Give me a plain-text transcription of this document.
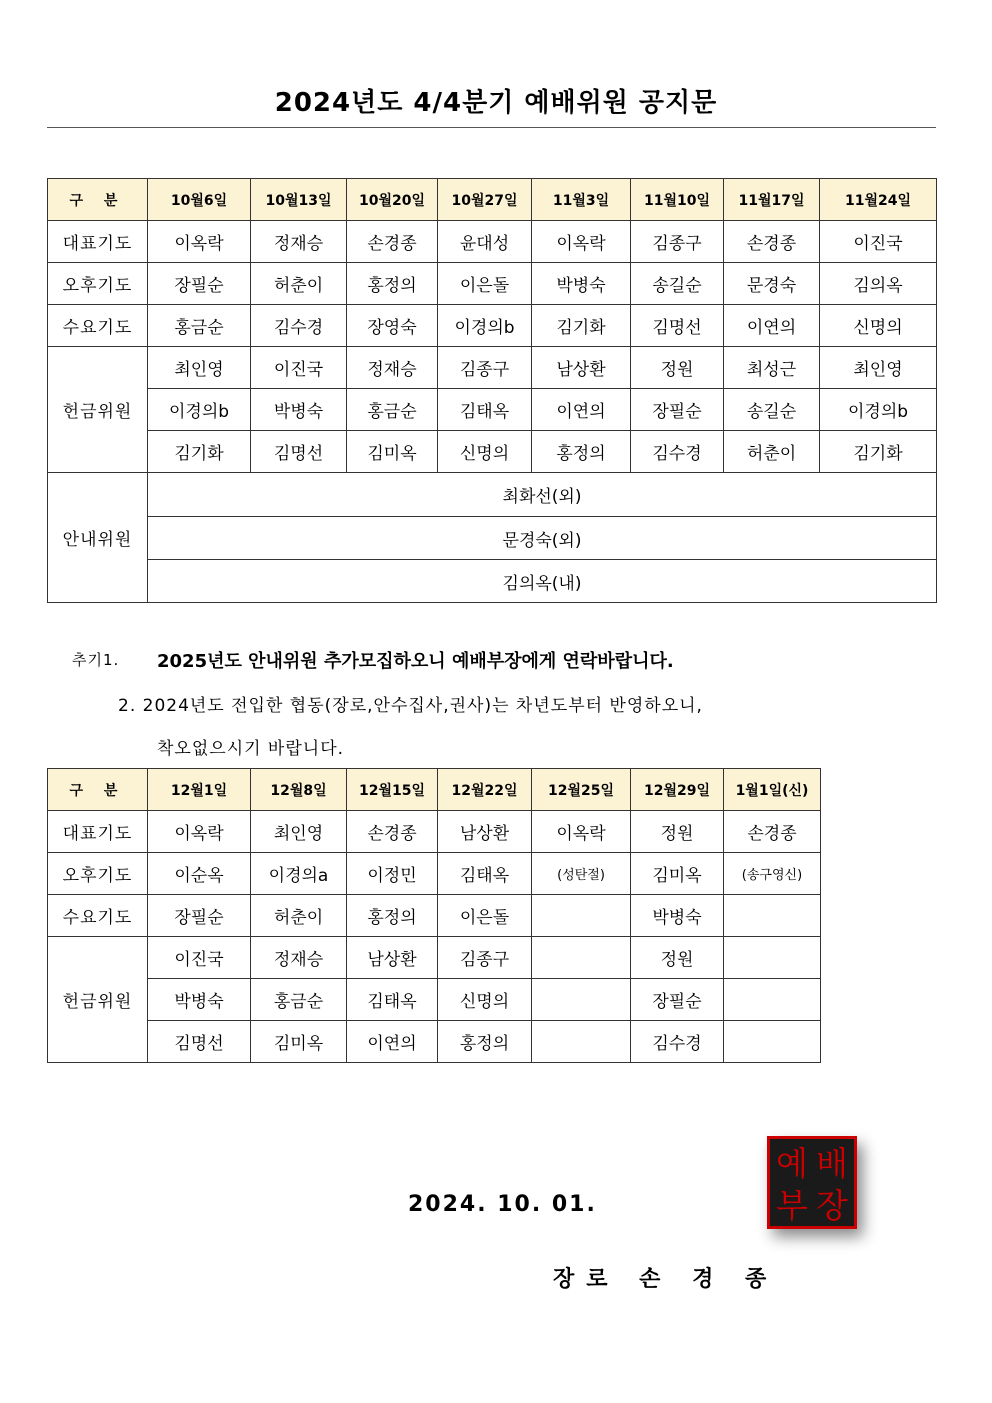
2024년도 4/4분기 예배위원 공지문
구 분	10월6일	10월13일	10월20일	10월27일	11월3일	11월10일	11월17일	11월24일
대표기도	이옥락	정재승	손경종	윤대성	이옥락	김종구	손경종	이진국
오후기도	장필순	허춘이	홍정의	이은돌	박병숙	송길순	문경숙	김의옥
수요기도	홍금순	김수경	장영숙	이경의b	김기화	김명선	이연의	신명의
헌금위원	최인영	이진국	정재승	김종구	남상환	정원	최성근	최인영
	이경의b	박병숙	홍금순	김태옥	이연의	장필순	송길순	이경의b
	김기화	김명선	김미옥	신명의	홍정의	김수경	허춘이	김기화
안내위원	최화선(외)							
	문경숙(외)							
	김의옥(내)							
추기1. 2025년도 안내위원 추가모집하오니 예배부장에게 연락바랍니다.
2. 2024년도 전입한 협동(장로,안수집사,권사)는 차년도부터 반영하오니,
착오없으시기 바랍니다.
구 분	12월1일	12월8일	12월15일	12월22일	12월25일	12월29일	1월1일(신)
대표기도	이옥락	최인영	손경종	남상환	이옥락	정원	손경종
오후기도	이순옥	이경의a	이정민	김태옥	(성탄절)	김미옥	(송구영신)
수요기도	장필순	허춘이	홍정의	이은돌		박병숙	
헌금위원	이진국	정재승	남상환	김종구		정원	
	박병숙	홍금순	김태옥	신명의		장필순	
	김명선	김미옥	이연의	홍정의		김수경	
2024. 10. 01.
장로 손 경 종
예 배
부 장
